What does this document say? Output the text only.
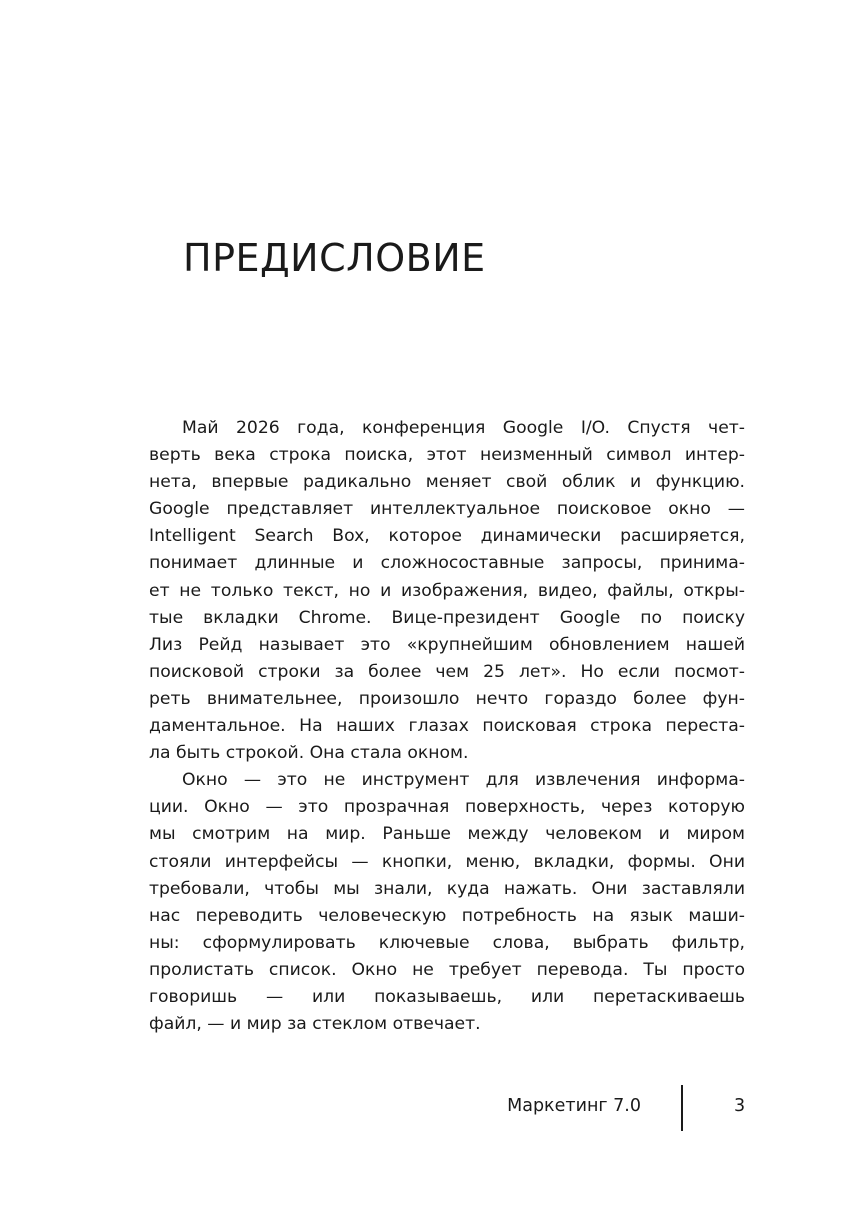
ПРЕДИСЛОВИЕ
Май 2026 года, конференция Google I/O. Спустя чет-
верть века строка поиска, этот неизменный символ интер-
нета, впервые радикально меняет свой облик и функцию.
Google представляет интеллектуальное поисковое окно —
Intelligent Search Box, которое динамически расширяется,
понимает длинные и сложносоставные запросы, принима-
ет не только текст, но и изображения, видео, файлы, откры-
тые вкладки Chrome. Вице-президент Google по поиску
Лиз Рейд называет это «крупнейшим обновлением нашей
поисковой строки за более чем 25 лет». Но если посмот-
реть внимательнее, произошло нечто гораздо более фун-
даментальное. На наших глазах поисковая строка переста-
ла быть строкой. Она стала окном.
Окно — это не инструмент для извлечения информа-
ции. Окно — это прозрачная поверхность, через которую
мы смотрим на мир. Раньше между человеком и миром
стояли интерфейсы — кнопки, меню, вкладки, формы. Они
требовали, чтобы мы знали, куда нажать. Они заставляли
нас переводить человеческую потребность на язык маши-
ны: сформулировать ключевые слова, выбрать фильтр,
пролистать список. Окно не требует перевода. Ты просто
говоришь — или показываешь, или перетаскиваешь
файл, — и мир за стеклом отвечает.
Маркетинг 7.0	3
